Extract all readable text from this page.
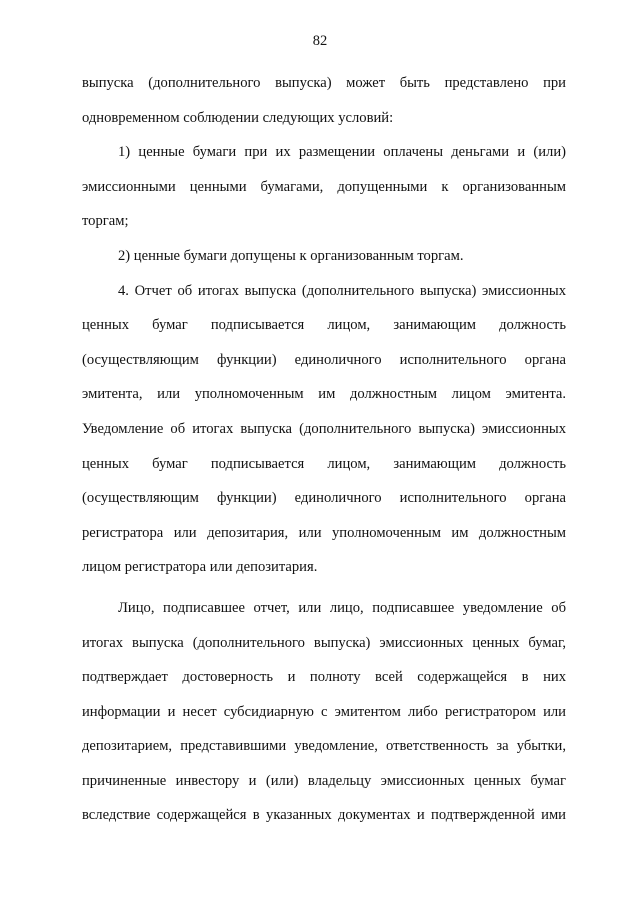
82
выпуска (дополнительного выпуска) может быть представлено при
одновременном соблюдении следующих условий:
1) ценные бумаги при их размещении оплачены деньгами и (или)
эмиссионными ценными бумагами, допущенными к организованным
торгам;
2) ценные бумаги допущены к организованным торгам.
4. Отчет об итогах выпуска (дополнительного выпуска) эмиссионных
ценных бумаг подписывается лицом, занимающим должность
(осуществляющим функции) единоличного исполнительного органа
эмитента, или уполномоченным им должностным лицом эмитента.
Уведомление об итогах выпуска (дополнительного выпуска) эмиссионных
ценных бумаг подписывается лицом, занимающим должность
(осуществляющим функции) единоличного исполнительного органа
регистратора или депозитария, или уполномоченным им должностным
лицом регистратора или депозитария.
Лицо, подписавшее отчет, или лицо, подписавшее уведомление об
итогах выпуска (дополнительного выпуска) эмиссионных ценных бумаг,
подтверждает достоверность и полноту всей содержащейся в них
информации и несет субсидиарную с эмитентом либо регистратором или
депозитарием, представившими уведомление, ответственность за убытки,
причиненные инвестору и (или) владельцу эмиссионных ценных бумаг
вследствие содержащейся в указанных документах и подтвержденной ими
